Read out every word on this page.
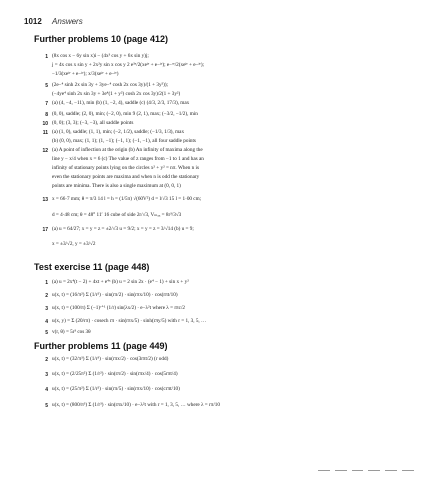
1012 Answers
Further problems 10 (page 412)
Test exercise 11 (page 448)
Further problems 11 (page 449)
1 (8x cos x − 6y sin x)i − (4x³ cos y + 6x sin y)j;
j = 4x cos x sin y + 2x²y sin x cos y 2 e³ʸ/2(xeʲʸ + e−ʲʸ); e−ʳʸ/2(xeʲʸ + e−ʲʸ);
−1/3(xeʲʸ + e−ʲʸ); x/3(xeʲʸ + e−ʲʸ)
5 (2e−⁴ sinh 2x sin 3y + 3ye−⁴ cosh 2x cos 3y)/(1 + 3y²));
(−4ye⁴ sinh 2x sin 3y + 3e⁴(1 + y²) cosh 2x cos 3y)/2(1 + 3y²)
7 (a) (4, −4, −11), min (b) (1, −2, 4), saddle (c) (4/3, 2/3, 17/3), max
8 (0, 0), saddle; (2, 0), min; (−2, 0), min 9 (2, 1), max; (−3/2, −1/2), min
10 (0, 0); (3, 3); (−3, −3), all saddle points
11 (a) (1, 0), saddle; (1, 1), min; (−2, 1/2), saddle; (−1/3, 1/3), max
(b) (0, 0), max; (1, 1); (1, −1); (−1, 1); (−1, −1), all four saddle points
12 (a) A point of inflection at the origin (b) An infinity of maxima along the
line y − x/4 when x = 6 (c) The value of z ranges from −1 to 1 and has an
infinity of stationary points lying on the circles x² + y² = nπ. When n is
even the stationary points are maxima and when n is odd the stationary
points are minima. There is also a single maximum at (0, 0, 1)
13 x = 66·7 mm; θ = π/3 14 l = h = (1/5π) √(60V²) d = l/√3 15 l = 1·00 cm;
d = 4·48 cm; θ = 48° 11′ 16 cube of side 2r/√3, Vₘₐₓ = 8r³/3√3
17 (a) u = 64/27; x = y = z = ±2/√3 u = 9/2; x = y = z = 3/√14 (b) u = 9;
x = ±3/√2, y = ±3/√2
1 (a) u = 2x⁴(t − 2) + 4xt + e⁴ˣ (b) u = 2 sin 2x · (e⁴ − 1) + sin x + y²
2 u(x, t) = (16/π²) Σ (1/r²) · sin(rπ/2) · sin(rπx/10) · cos(rπt/10)
3 u(x, t) = (100/π) Σ (−1)ʳ⁺¹ (1/r) sin(λx/2) · e−λ²t where λ = rπc/2
4 u(x, y) = Σ (20/rπ) · cosech rπ · sin(rπx/5) · sinh(rπy/5) with r = 1, 3, 5, …
5 v(r, θ) = 5r³ cos 3θ
2 u(x, t) = (32/π³) Σ (1/r³) · sin(rπx/2) · cos(3rπt/2) (r odd)
3 u(x, t) = (2/25π²) Σ (1/r²) · sin(rπ/2) · sin(rπx/4) · cos(5rπt/4)
4 u(x, t) = (25/π²) Σ (1/r²) · sin(rπ/5) · sin(rπx/10) · cos(crπt/10)
5 u(x, t) = (800/π³) Σ (1/r³) · sin(rπx/10) · e−λ²t with r = 1, 3, 5, … where λ = rπ/10
